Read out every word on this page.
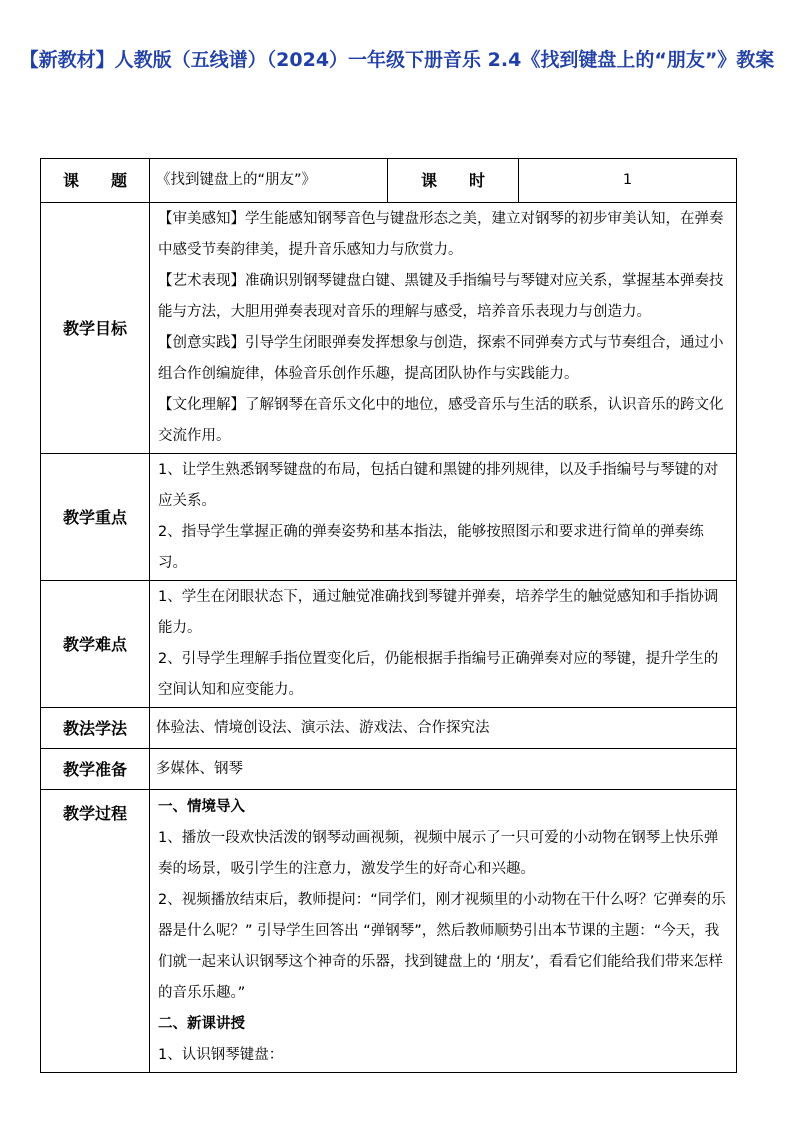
【新教材】人教版（五线谱）（2024）一年级下册音乐 2.4《找到键盘上的“朋友”》教案
课　　题	《找到键盘上的“朋友”》	课　　时	1
教学目标	【审美感知】学生能感知钢琴音色与键盘形态之美，建立对钢琴的初步审美认知，在弹奏中感受节奏韵律美，提升音乐感知力与欣赏力。

【艺术表现】准确识别钢琴键盘白键、黑键及手指编号与琴键对应关系，掌握基本弹奏技能与方法，大胆用弹奏表现对音乐的理解与感受，培养音乐表现力与创造力。

【创意实践】引导学生闭眼弹奏发挥想象与创造，探索不同弹奏方式与节奏组合，通过小组合作创编旋律，体验音乐创作乐趣，提高团队协作与实践能力。

【文化理解】了解钢琴在音乐文化中的地位，感受音乐与生活的联系，认识音乐的跨文化交流作用。		

教学重点	1、让学生熟悉钢琴键盘的布局，包括白键和黑键的排列规律，以及手指编号与琴键的对应关系。

2、指导学生掌握正确的弹奏姿势和基本指法，能够按照图示和要求进行简单的弹奏练习。		

教学难点	1、学生在闭眼状态下，通过触觉准确找到琴键并弹奏，培养学生的触觉感知和手指协调能力。

2、引导学生理解手指位置变化后，仍能根据手指编号正确弹奏对应的琴键，提升学生的空间认知和应变能力。		

教法学法	体验法、情境创设法、演示法、游戏法、合作探究法		
教学准备	多媒体、钢琴		
教学过程	一、情境导入

1、播放一段欢快活泼的钢琴动画视频，视频中展示了一只可爱的小动物在钢琴上快乐弹奏的场景，吸引学生的注意力，激发学生的好奇心和兴趣。

2、视频播放结束后，教师提问：“同学们，刚才视频里的小动物在干什么呀？它弹奏的乐器是什么呢？” 引导学生回答出 “弹钢琴”，然后教师顺势引出本节课的主题：“今天，我们就一起来认识钢琴这个神奇的乐器，找到键盘上的 ‘朋友’，看看它们能给我们带来怎样的音乐乐趣。”

二、新课讲授

1、认识钢琴键盘：		
